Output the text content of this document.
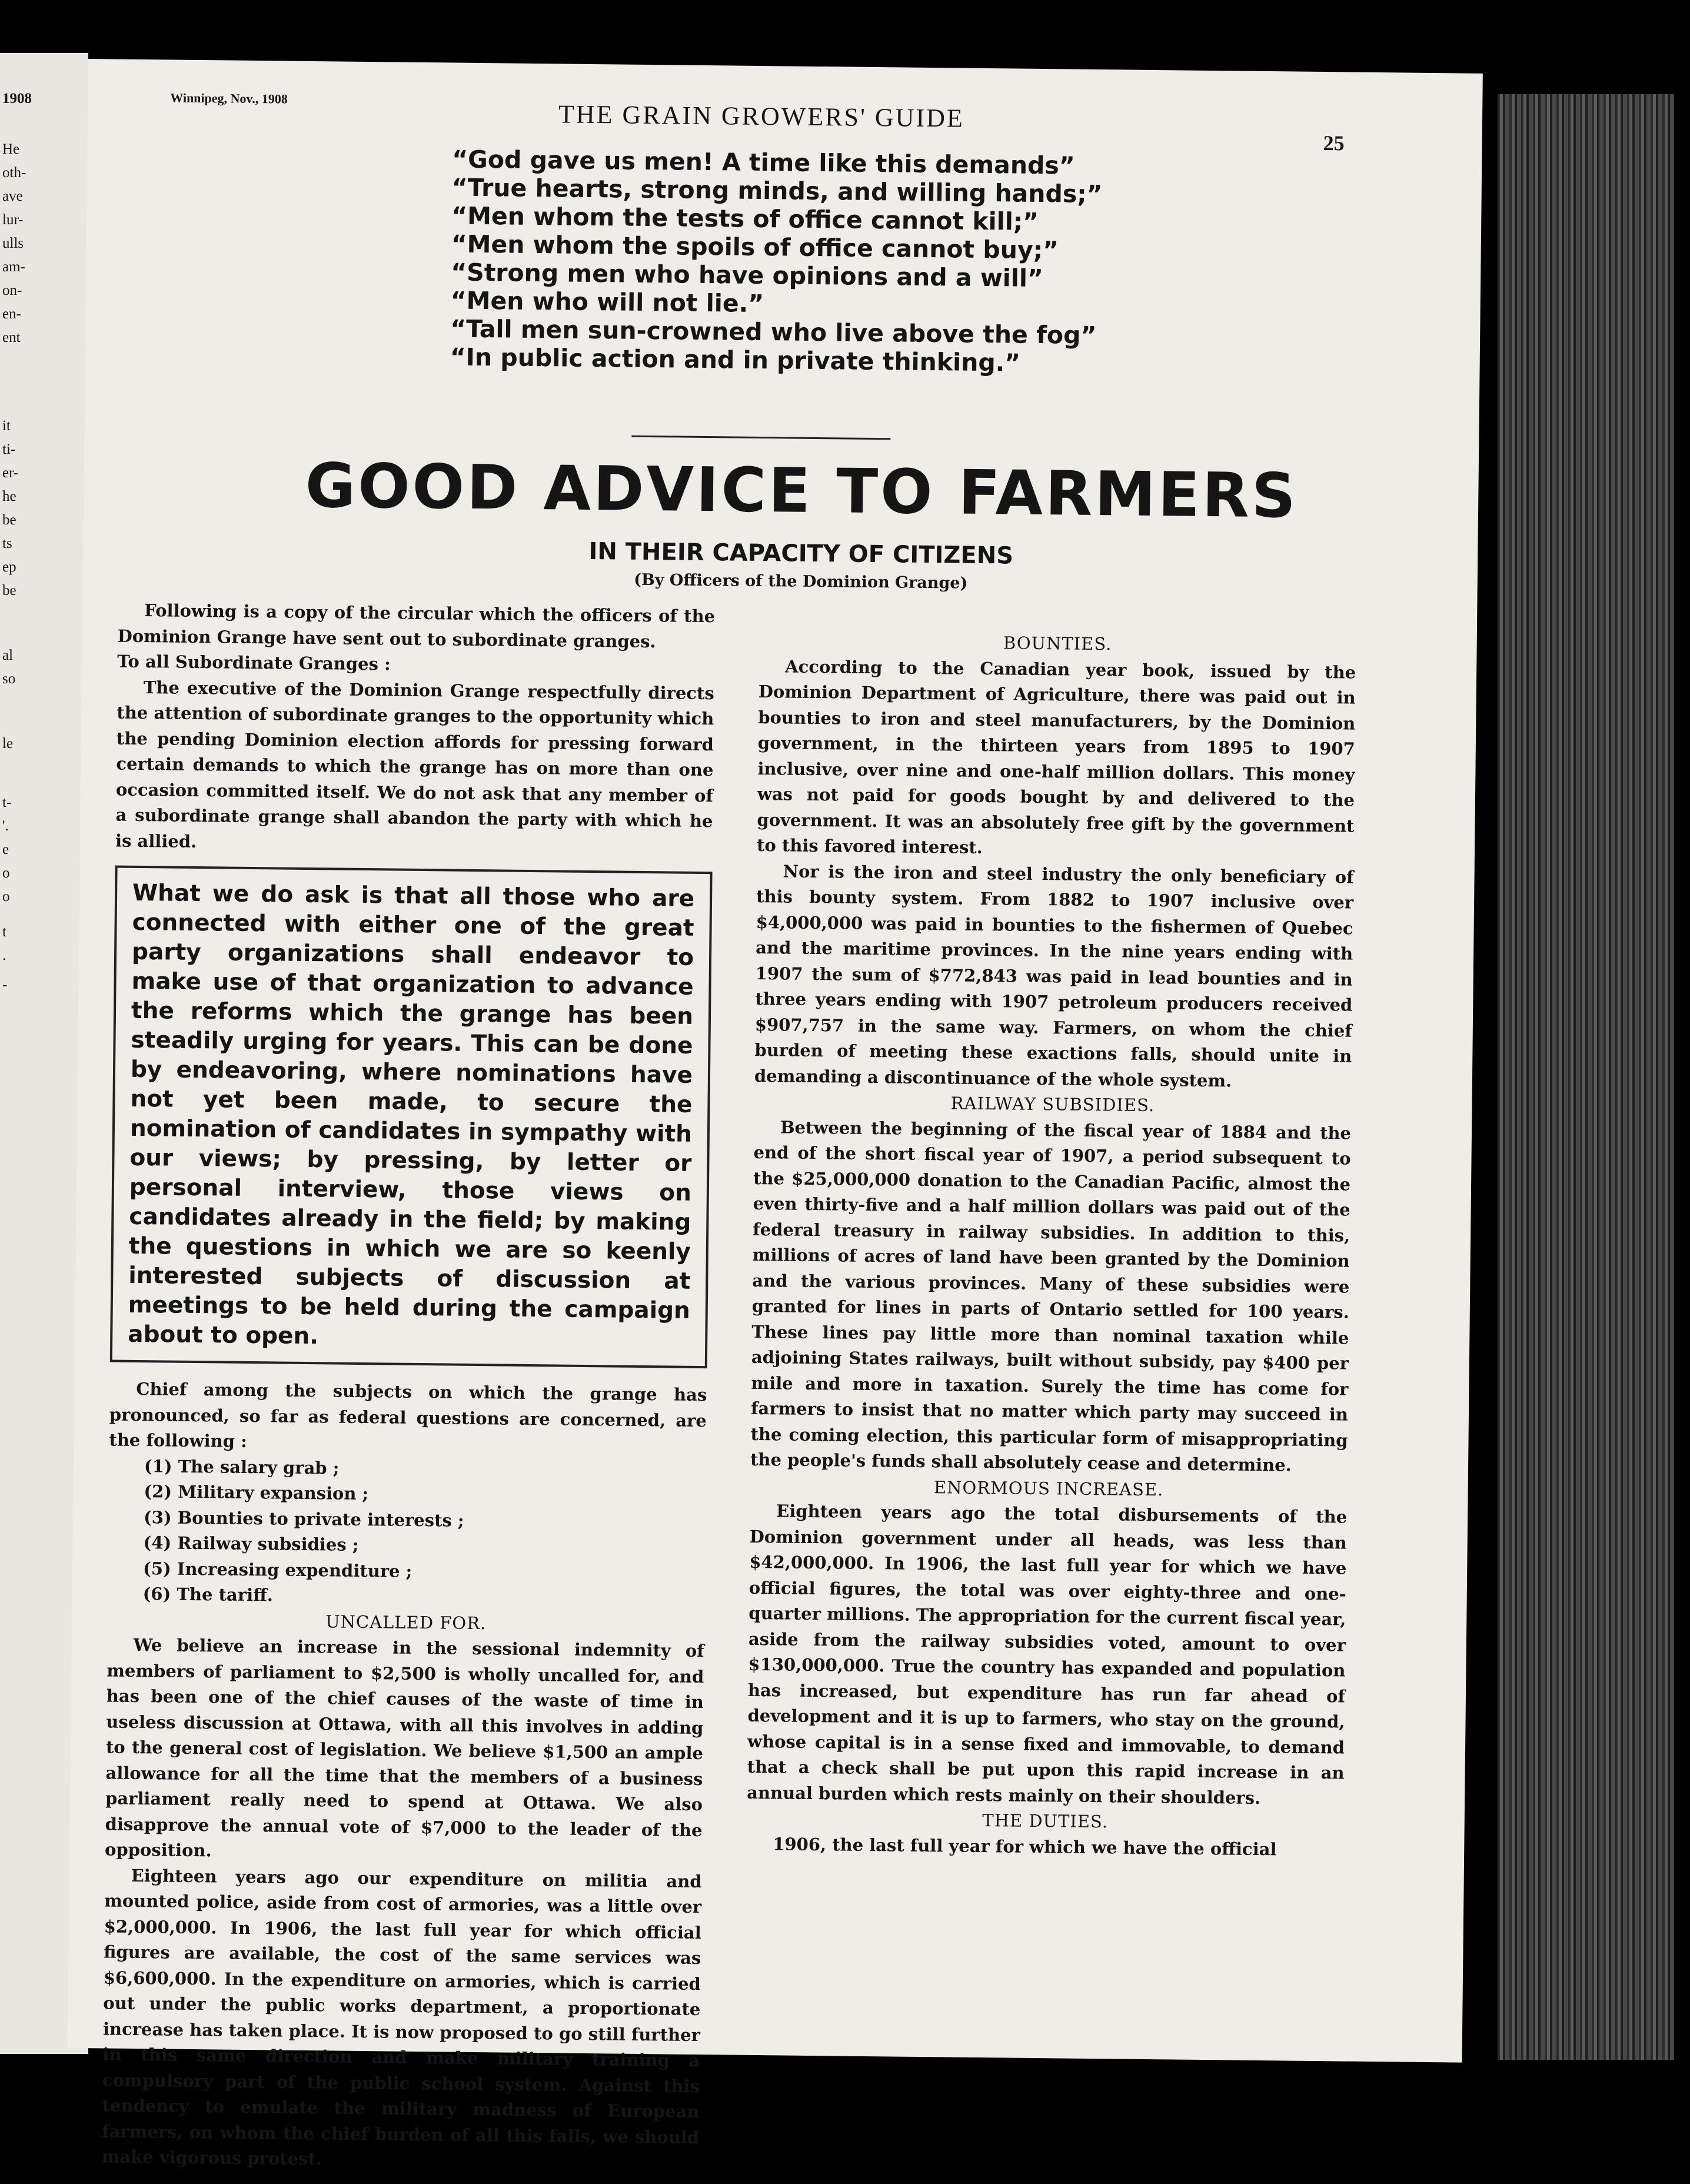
1908
He
oth-
ave
lur-
ulls
am-
on-
en-
ent
it
ti-
er-
he
be
ts
ep
be
al
so
le
t-
'.
e
o
o
t
.
-
Winnipeg, Nov., 1908
THE GRAIN GROWERS' GUIDE
25
“God gave us men! A time like this demands”
“True hearts, strong minds, and willing hands;”
“Men whom the tests of office cannot kill;”
“Men whom the spoils of office cannot buy;”
“Strong men who have opinions and a will”
“Men who will not lie.”
“Tall men sun-crowned who live above the fog”
“In public action and in private thinking.”
GOOD ADVICE TO FARMERS
IN THEIR CAPACITY OF CITIZENS
(By Officers of the Dominion Grange)

Following is a copy of the circular which the officers of the Dominion Grange have sent out to subordinate granges.

To all Subordinate Granges :

The executive of the Dominion Grange respectfully directs the attention of subordinate granges to the opportunity which the pending Dominion election affords for pressing forward certain demands to which the grange has on more than one occasion committed itself. We do not ask that any member of a subordinate grange shall abandon the party with which he is allied.

What we do ask is that all those who are connected with either one of the great party organizations shall endeavor to make use of that organization to advance the reforms which the grange has been steadily urging for years. This can be done by endeavoring, where nominations have not yet been made, to secure the nomination of candidates in sympathy with our views; by pressing, by letter or personal interview, those views on candidates already in the field; by making the questions in which we are so keenly interested subjects of discussion at meetings to be held during the campaign about to open.

Chief among the subjects on which the grange has pronounced, so far as federal questions are concerned, are the following :

(1) The salary grab ;
(2) Military expansion ;
(3) Bounties to private interests ;
(4) Railway subsidies ;
(5) Increasing expenditure ;
(6) The tariff.

UNCALLED FOR.

We believe an increase in the sessional indemnity of members of parliament to $2,500 is wholly uncalled for, and has been one of the chief causes of the waste of time in useless discussion at Ottawa, with all this involves in adding to the general cost of legislation. We believe $1,500 an ample allowance for all the time that the members of a business parliament really need to spend at Ottawa. We also disapprove the annual vote of $7,000 to the leader of the opposition.

Eighteen years ago our expenditure on militia and mounted police, aside from cost of armories, was a little over $2,000,000. In 1906, the last full year for which official figures are available, the cost of the same services was $6,600,000. In the expenditure on armories, which is carried out under the public works department, a proportionate increase has taken place. It is now proposed to go still further in this same direction and make military training a compulsory part of the public school system. Against this tendency to emulate the military madness of European farmers, on whom the chief burden of all this falls, we should make vigorous protest.

BOUNTIES.

According to the Canadian year book, issued by the Dominion Department of Agriculture, there was paid out in bounties to iron and steel manufacturers, by the Dominion government, in the thirteen years from 1895 to 1907 inclusive, over nine and one-half million dollars. This money was not paid for goods bought by and delivered to the government. It was an absolutely free gift by the government to this favored interest.

Nor is the iron and steel industry the only beneficiary of this bounty system. From 1882 to 1907 inclusive over $4,000,000 was paid in bounties to the fishermen of Quebec and the maritime provinces. In the nine years ending with 1907 the sum of $772,843 was paid in lead bounties and in three years ending with 1907 petroleum producers received $907,757 in the same way. Farmers, on whom the chief burden of meeting these exactions falls, should unite in demanding a discontinuance of the whole system.

RAILWAY SUBSIDIES.

Between the beginning of the fiscal year of 1884 and the end of the short fiscal year of 1907, a period subsequent to the $25,000,000 donation to the Canadian Pacific, almost the even thirty-five and a half million dollars was paid out of the federal treasury in railway subsidies. In addition to this, millions of acres of land have been granted by the Dominion and the various provinces. Many of these subsidies were granted for lines in parts of Ontario settled for 100 years. These lines pay little more than nominal taxation while adjoining States railways, built without subsidy, pay $400 per mile and more in taxation. Surely the time has come for farmers to insist that no matter which party may succeed in the coming election, this particular form of misappropriating the people's funds shall absolutely cease and determine.

ENORMOUS INCREASE.

Eighteen years ago the total disbursements of the Dominion government under all heads, was less than $42,000,000. In 1906, the last full year for which we have official figures, the total was over eighty-three and one-quarter millions. The appropriation for the current fiscal year, aside from the railway subsidies voted, amount to over $130,000,000. True the country has expanded and population has increased, but expenditure has run far ahead of development and it is up to farmers, who stay on the ground, whose capital is in a sense fixed and immovable, to demand that a check shall be put upon this rapid increase in an annual burden which rests mainly on their shoulders.

THE DUTIES.

1906, the last full year for which we have the official
